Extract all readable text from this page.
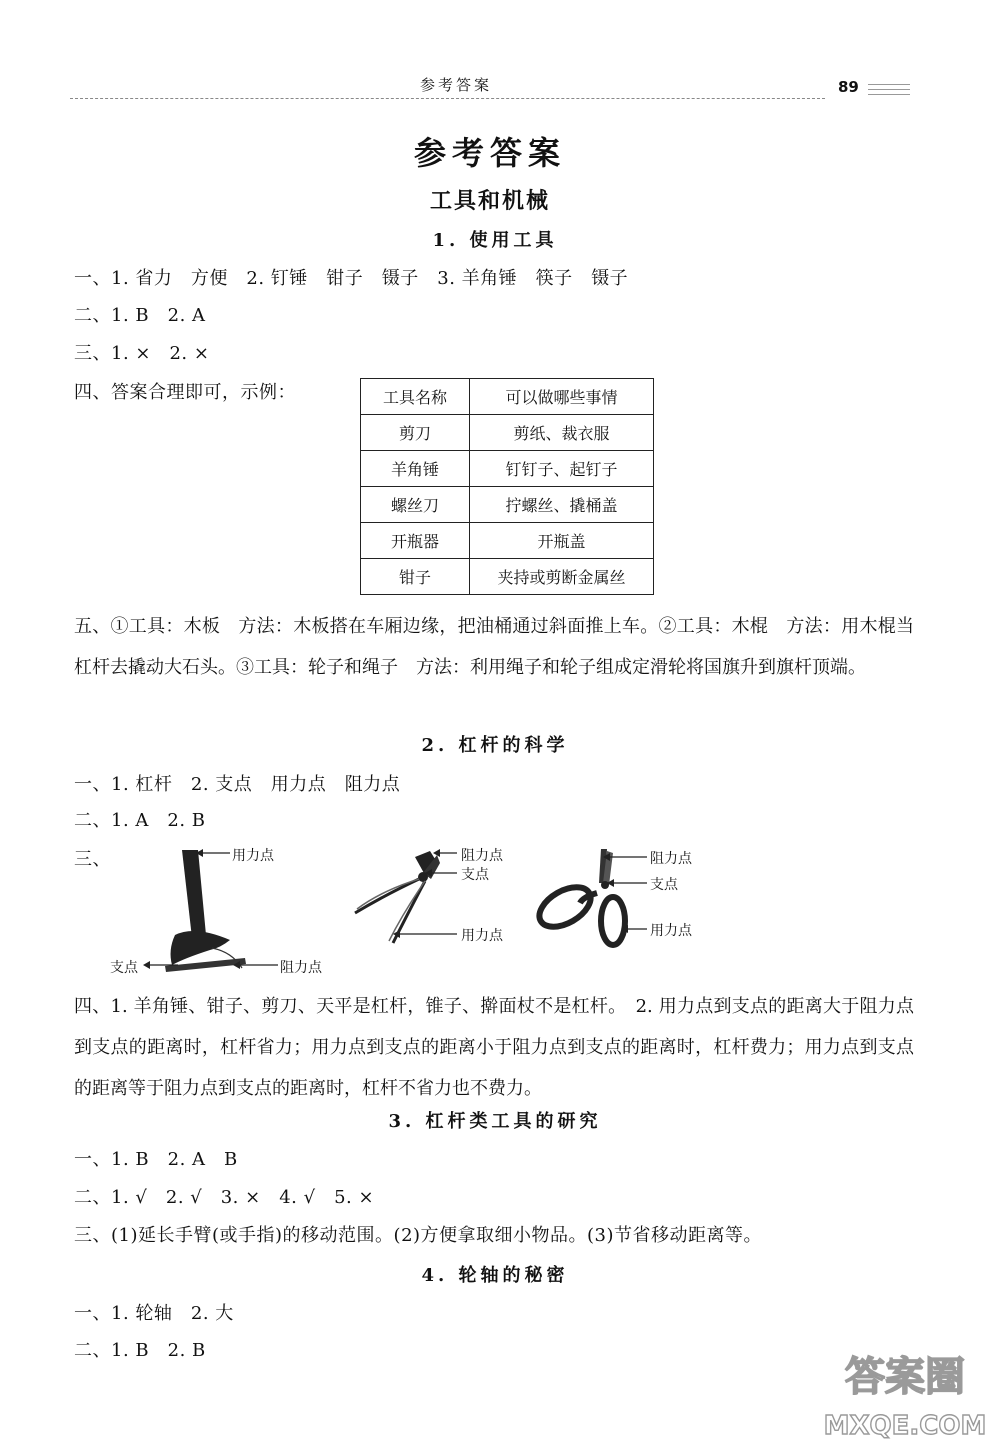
参考答案	89
参考答案
工具和机械
1. 使用工具
一、1. 省力　方便　2. 钉锤　钳子　镊子　3. 羊角锤　筷子　镊子
二、1. B　2. A
三、1. ×　2. ×
四、答案合理即可，示例：	工具名称	可以做哪些事情
剪刀	剪纸、裁衣服
羊角锤	钉钉子、起钉子
螺丝刀	拧螺丝、撬桶盖
开瓶器	开瓶盖
钳子	夹持或剪断金属丝

五、①工具：木板　方法：木板搭在车厢边缘，把油桶通过斜面推上车。②工具：木棍　方法：用木棍当杠杆去撬动大石头。③工具：轮子和绳子　方法：利用绳子和轮子组成定滑轮将国旗升到旗杆顶端。

2. 杠杆的科学
一、1. 杠杆　2. 支点　用力点　阻力点
二、1. A　2. B
三、	用力点
支点	阻力点
阻力点
支点
用力点
阻力点
支点
用力点

四、1. 羊角锤、钳子、剪刀、天平是杠杆，锥子、擀面杖不是杠杆。　2. 用力点到支点的距离大于阻力点到支点的距离时，杠杆省力；用力点到支点的距离小于阻力点到支点的距离时，杠杆费力；用力点到支点的距离等于阻力点到支点的距离时，杠杆不省力也不费力。

3. 杠杆类工具的研究
一、1. B　2. A　B
二、1. √　2. √　3. ×　4. √　5. ×
三、(1)延长手臂(或手指)的移动范围。(2)方便拿取细小物品。(3)节省移动距离等。
4. 轮轴的秘密
一、1. 轮轴　2. 大
二、1. B　2. B
答案圈
MXQE.COM
